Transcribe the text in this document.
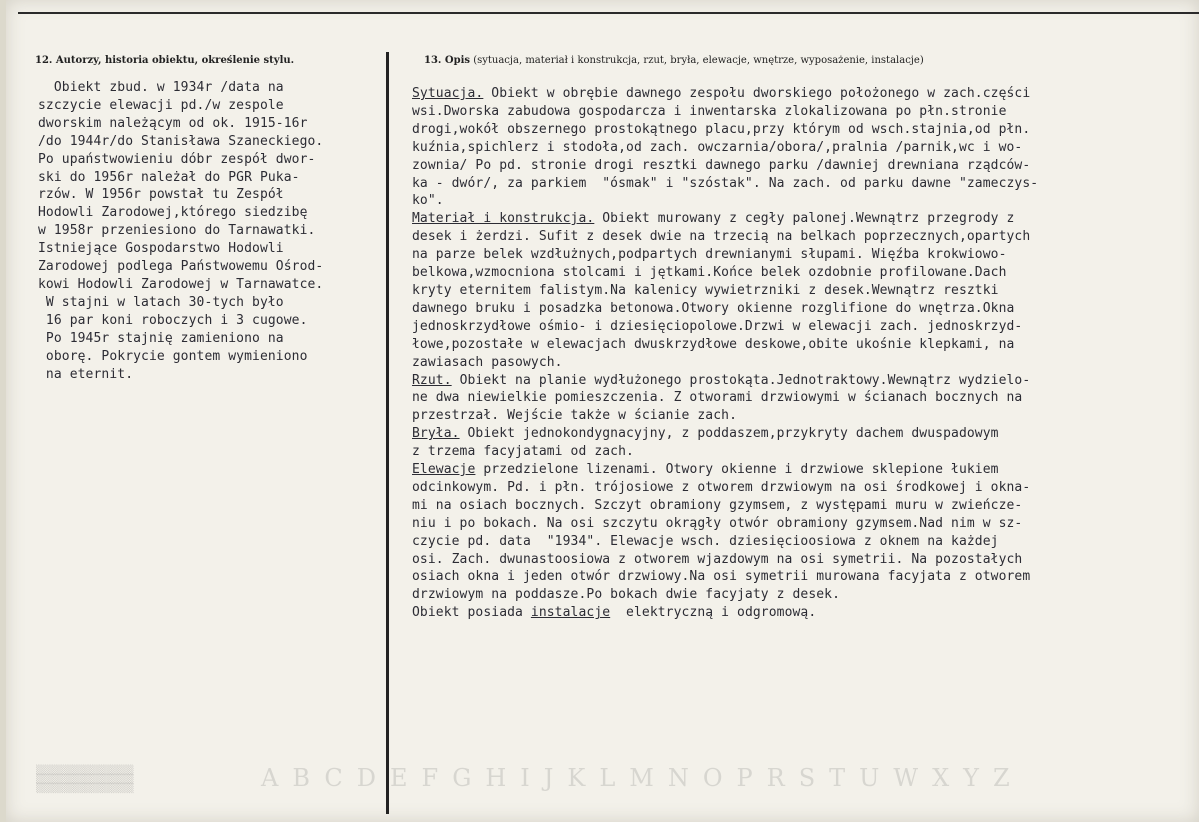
12. Autorzy, historia obiektu, określenie stylu.	13. Opis (sytuacja, materiał i konstrukcja, rzut, bryła, elewacje, wnętrze, wyposażenie, instalacje)
Obiekt zbud. w 1934r /data na
szczycie elewacji pd./w zespole
dworskim należącym od ok. 1915-16r
/do 1944r/do Stanisława Szaneckiego.
Po upaństwowieniu dóbr zespół dwor-
ski do 1956r należał do PGR Puka-
rzów. W 1956r powstał tu Zespół
Hodowli Zarodowej,którego siedzibę
w 1958r przeniesiono do Tarnawatki.
Istniejące Gospodarstwo Hodowli
Zarodowej podlega Państwowemu Ośrod-
kowi Hodowli Zarodowej w Tarnawatce.
W stajni w latach 30-tych było
16 par koni roboczych i 3 cugowe.
Po 1945r stajnię zamieniono na
oborę. Pokrycie gontem wymieniono
na eternit.
Sytuacja. Obiekt w obrębie dawnego zespołu dworskiego położonego w zach.części
wsi.Dworska zabudowa gospodarcza i inwentarska zlokalizowana po płn.stronie
drogi,wokół obszernego prostokątnego placu,przy którym od wsch.stajnia,od płn.
kuźnia,spichlerz i stodoła,od zach. owczarnia/obora/,pralnia /parnik,wc i wo-
zownia/ Po pd. stronie drogi resztki dawnego parku /dawniej drewniana rządców-
ka - dwór/, za parkiem  "ósmak" i "szóstak". Na zach. od parku dawne "zameczys-
ko".
Materiał i konstrukcja. Obiekt murowany z cegły palonej.Wewnątrz przegrody z
desek i żerdzi. Sufit z desek dwie na trzecią na belkach poprzecznych,opartych
na parze belek wzdłużnych,podpartych drewnianymi słupami. Więźba krokwiowo-
belkowa,wzmocniona stolcami i jętkami.Końce belek ozdobnie profilowane.Dach
kryty eternitem falistym.Na kalenicy wywietrzniki z desek.Wewnątrz resztki
dawnego bruku i posadzka betonowa.Otwory okienne rozglifione do wnętrza.Okna
jednoskrzydłowe ośmio- i dziesięciopolowe.Drzwi w elewacji zach. jednoskrzyd-
łowe,pozostałe w elewacjach dwuskrzydłowe deskowe,obite ukośnie klepkami, na
zawiasach pasowych.
Rzut. Obiekt na planie wydłużonego prostokąta.Jednotraktowy.Wewnątrz wydzielo-
ne dwa niewielkie pomieszczenia. Z otworami drzwiowymi w ścianach bocznych na
przestrzał. Wejście także w ścianie zach.
Bryła. Obiekt jednokondygnacyjny, z poddaszem,przykryty dachem dwuspadowym
z trzema facyjatami od zach.
Elewacje przedzielone lizenami. Otwory okienne i drzwiowe sklepione łukiem
odcinkowym. Pd. i płn. trójosiowe z otworem drzwiowym na osi środkowej i okna-
mi na osiach bocznych. Szczyt obramiony gzymsem, z występami muru w zwieńcze-
niu i po bokach. Na osi szczytu okrągły otwór obramiony gzymsem.Nad nim w sz-
czycie pd. data  "1934". Elewacje wsch. dziesięcioosiowa z oknem na każdej
osi. Zach. dwunastoosiowa z otworem wjazdowym na osi symetrii. Na pozostałych
osiach okna i jeden otwór drzwiowy.Na osi symetrii murowana facyjata z otworem
drzwiowym na poddasze.Po bokach dwie facyjaty z desek.
Obiekt posiada instalacje  elektryczną i odgromową.
▒▒▒▒▒▒▒▒▒▒▒▒▒▒▒▒▒▒
▒▒▒▒▒▒▒▒▒▒▒▒▒▒▒▒▒▒
▒▒▒▒▒▒▒▒▒▒▒▒▒▒▒▒▒▒	ABCDEFGHIJKLMNOPRSTUWXYZ
